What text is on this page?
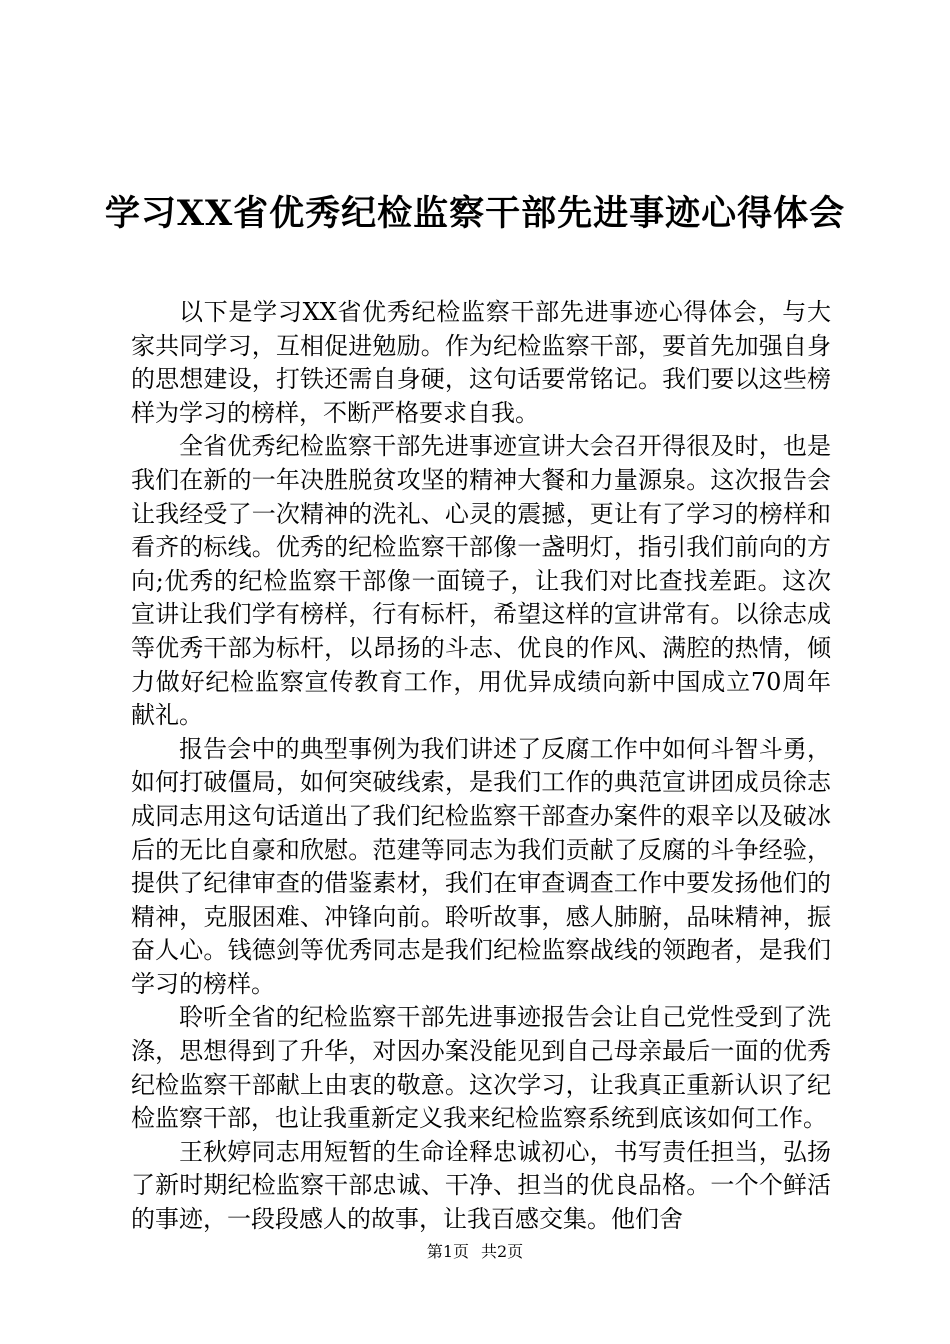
学习XX省优秀纪检监察干部先进事迹心得体会

以下是学习XX省优秀纪检监察干部先进事迹心得体会，与大家共同学习，互相促进勉励。作为纪检监察干部，要首先加强自身的思想建设，打铁还需自身硬，这句话要常铭记。我们要以这些榜样为学习的榜样，不断严格要求自我。

全省优秀纪检监察干部先进事迹宣讲大会召开得很及时，也是我们在新的一年决胜脱贫攻坚的精神大餐和力量源泉。这次报告会让我经受了一次精神的洗礼、心灵的震撼，更让有了学习的榜样和看齐的标线。优秀的纪检监察干部像一盏明灯，指引我们前向的方向;优秀的纪检监察干部像一面镜子，让我们对比查找差距。这次宣讲让我们学有榜样，行有标杆，希望这样的宣讲常有。以徐志成等优秀干部为标杆，以昂扬的斗志、优良的作风、满腔的热情，倾力做好纪检监察宣传教育工作，用优异成绩向新中国成立70周年献礼。

报告会中的典型事例为我们讲述了反腐工作中如何斗智斗勇，如何打破僵局，如何突破线索，是我们工作的典范宣讲团成员徐志成同志用这句话道出了我们纪检监察干部查办案件的艰辛以及破冰后的无比自豪和欣慰。范建等同志为我们贡献了反腐的斗争经验，提供了纪律审查的借鉴素材，我们在审查调查工作中要发扬他们的精神，克服困难、冲锋向前。聆听故事，感人肺腑，品味精神，振奋人心。钱德剑等优秀同志是我们纪检监察战线的领跑者，是我们学习的榜样。

聆听全省的纪检监察干部先进事迹报告会让自己党性受到了洗涤，思想得到了升华，对因办案没能见到自己母亲最后一面的优秀纪检监察干部献上由衷的敬意。这次学习，让我真正重新认识了纪检监察干部，也让我重新定义我来纪检监察系统到底该如何工作。

王秋婷同志用短暂的生命诠释忠诚初心，书写责任担当，弘扬了新时期纪检监察干部忠诚、干净、担当的优良品格。一个个鲜活的事迹，一段段感人的故事，让我百感交集。他们舍

第1页 共2页
